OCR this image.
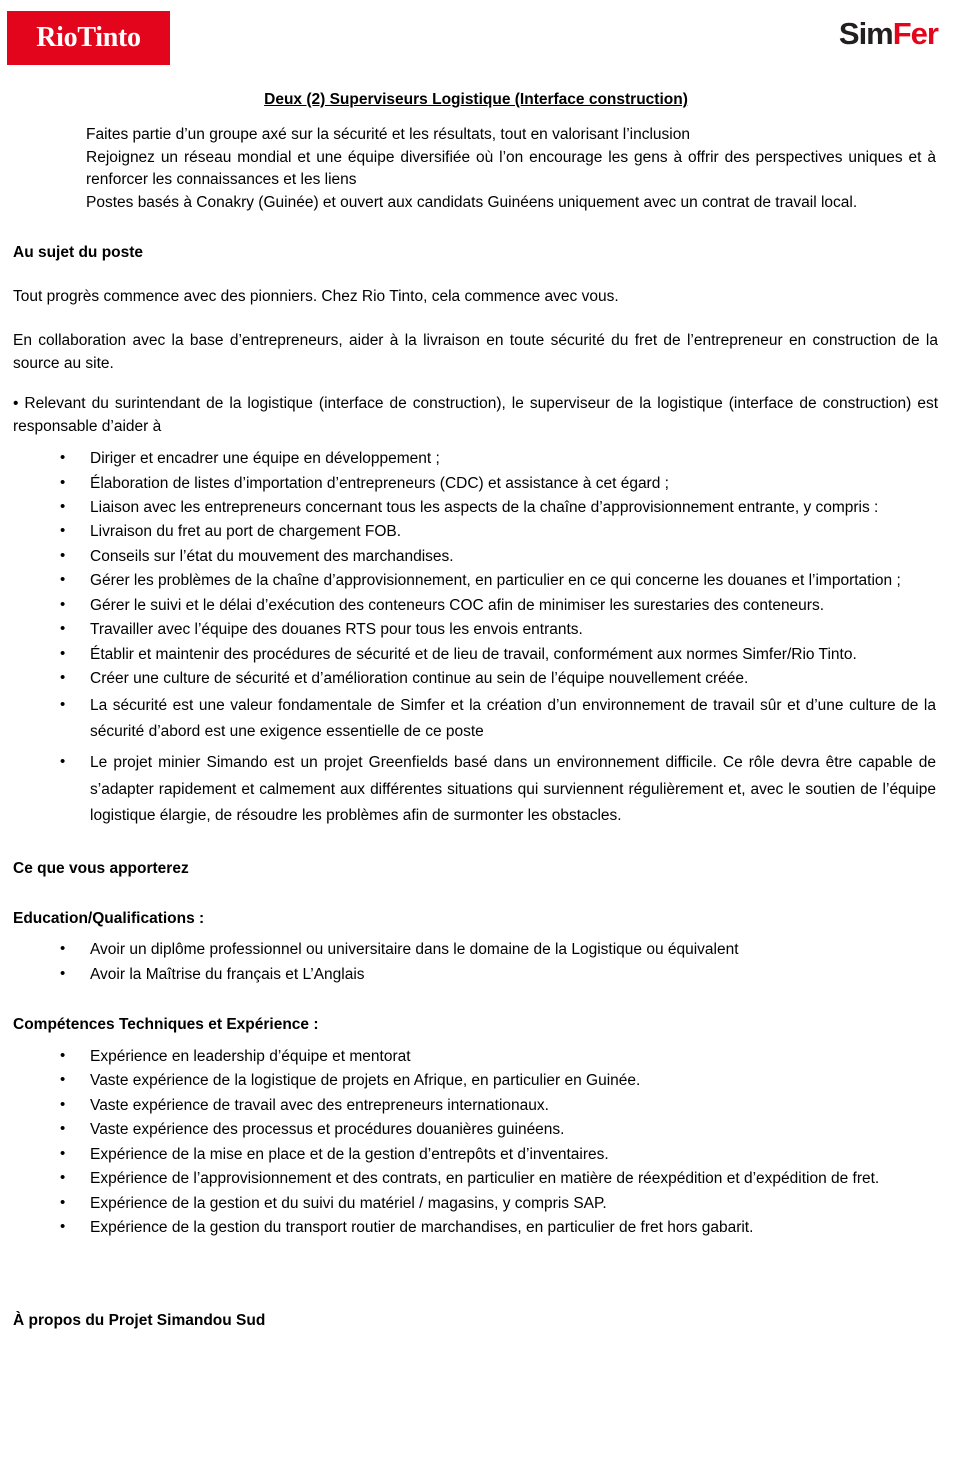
RioTinto	SimFer
Deux (2) Superviseurs Logistique (Interface construction)
Faites partie d’un groupe axé sur la sécurité et les résultats, tout en valorisant l’inclusion
Rejoignez un réseau mondial et une équipe diversifiée où l’on encourage les gens à offrir des perspectives uniques et à renforcer les connaissances et les liens
Postes basés à Conakry (Guinée) et ouvert aux candidats Guinéens uniquement avec un contrat de travail local.
Au sujet du poste
Tout progrès commence avec des pionniers. Chez Rio Tinto, cela commence avec vous.
En collaboration avec la base d’entrepreneurs, aider à la livraison en toute sécurité du fret de l’entrepreneur en construction de la source au site.
• Relevant du surintendant de la logistique (interface de construction), le superviseur de la logistique (interface de construction) est responsable d’aider à
• Diriger et encadrer une équipe en développement ;
• Élaboration de listes d’importation d’entrepreneurs (CDC) et assistance à cet égard ;
• Liaison avec les entrepreneurs concernant tous les aspects de la chaîne d’approvisionnement entrante, y compris :
• Livraison du fret au port de chargement FOB.
• Conseils sur l’état du mouvement des marchandises.
• Gérer les problèmes de la chaîne d’approvisionnement, en particulier en ce qui concerne les douanes et l’importation ;
• Gérer le suivi et le délai d’exécution des conteneurs COC afin de minimiser les surestaries des conteneurs.
• Travailler avec l’équipe des douanes RTS pour tous les envois entrants.
• Établir et maintenir des procédures de sécurité et de lieu de travail, conformément aux normes Simfer/Rio Tinto.
• Créer une culture de sécurité et d’amélioration continue au sein de l’équipe nouvellement créée.
• La sécurité est une valeur fondamentale de Simfer et la création d’un environnement de travail sûr et d’une culture de la sécurité d’abord est une exigence essentielle de ce poste
• Le projet minier Simando est un projet Greenfields basé dans un environnement difficile. Ce rôle devra être capable de s’adapter rapidement et calmement aux différentes situations qui surviennent régulièrement et, avec le soutien de l’équipe logistique élargie, de résoudre les problèmes afin de surmonter les obstacles.
Ce que vous apporterez
Education/Qualifications :
• Avoir un diplôme professionnel ou universitaire dans le domaine de la Logistique ou équivalent
• Avoir la Maîtrise du français et L’Anglais
Compétences Techniques et Expérience :
• Expérience en leadership d’équipe et mentorat
• Vaste expérience de la logistique de projets en Afrique, en particulier en Guinée.
• Vaste expérience de travail avec des entrepreneurs internationaux.
• Vaste expérience des processus et procédures douanières guinéens.
• Expérience de la mise en place et de la gestion d’entrepôts et d’inventaires.
• Expérience de l’approvisionnement et des contrats, en particulier en matière de réexpédition et d’expédition de fret.
• Expérience de la gestion et du suivi du matériel / magasins, y compris SAP.
• Expérience de la gestion du transport routier de marchandises, en particulier de fret hors gabarit.
À propos du Projet Simandou Sud
